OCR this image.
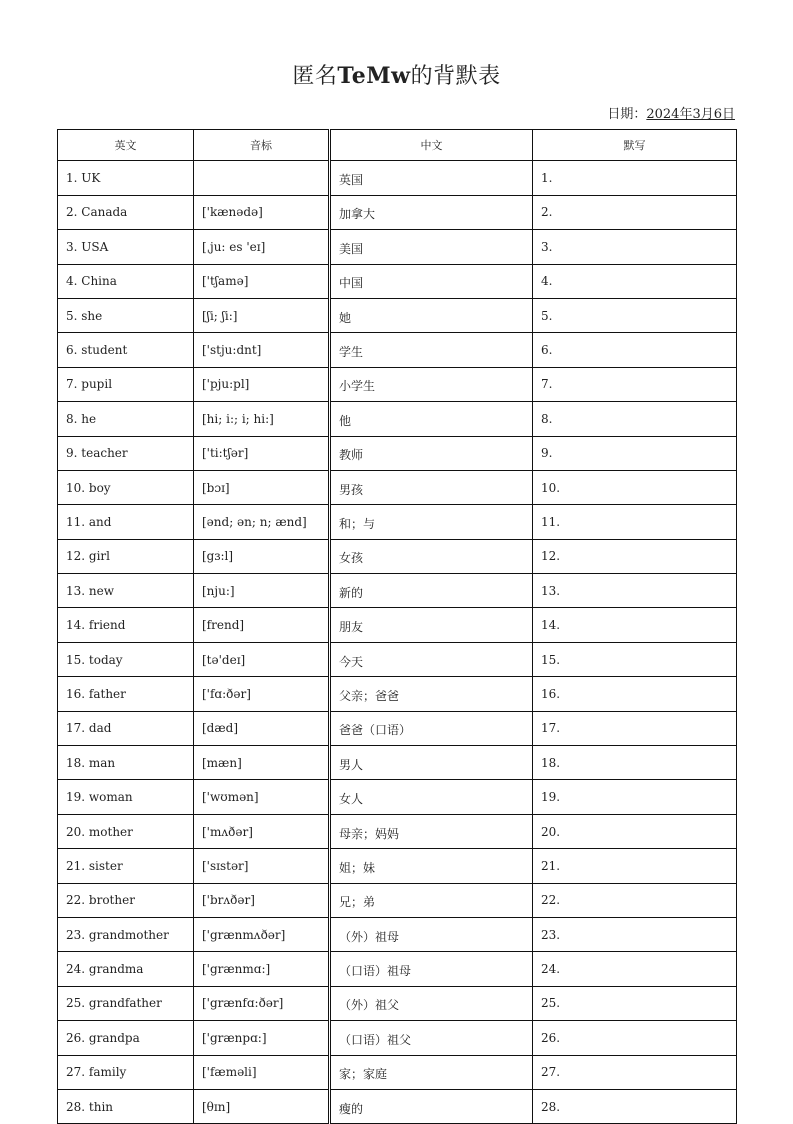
匿名TeMw的背默表
日期：2024年3月6日
英文	音标	中文	默写
1. UK		英国	1.
2. Canada	['kænədə]	加拿大	2.
3. USA	[ˌju: es 'eɪ]	美国	3.
4. China	['tʃamə]	中国	4.
5. she	[ʃi; ʃi:]	她	5.
6. student	['stju:dnt]	学生	6.
7. pupil	['pju:pl]	小学生	7.
8. he	[hi; i:; i; hi:]	他	8.
9. teacher	['ti:tʃər]	教师	9.
10. boy	[bɔɪ]	男孩	10.
11. and	[ənd; ən; n; ænd]	和；与	11.
12. girl	[gɜ:l]	女孩	12.
13. new	[nju:]	新的	13.
14. friend	[frend]	朋友	14.
15. today	[tə'deɪ]	今天	15.
16. father	['fɑ:ðər]	父亲；爸爸	16.
17. dad	[dæd]	爸爸（口语）	17.
18. man	[mæn]	男人	18.
19. woman	['wʊmən]	女人	19.
20. mother	['mʌðər]	母亲；妈妈	20.
21. sister	['sɪstər]	姐；妹	21.
22. brother	['brʌðər]	兄；弟	22.
23. grandmother	['grænmʌðər]	（外）祖母	23.
24. grandma	['grænmɑ:]	（口语）祖母	24.
25. grandfather	['grænfɑ:ðər]	（外）祖父	25.
26. grandpa	['grænpɑ:]	（口语）祖父	26.
27. family	['fæməli]	家；家庭	27.
28. thin	[θɪn]	瘦的	28.
